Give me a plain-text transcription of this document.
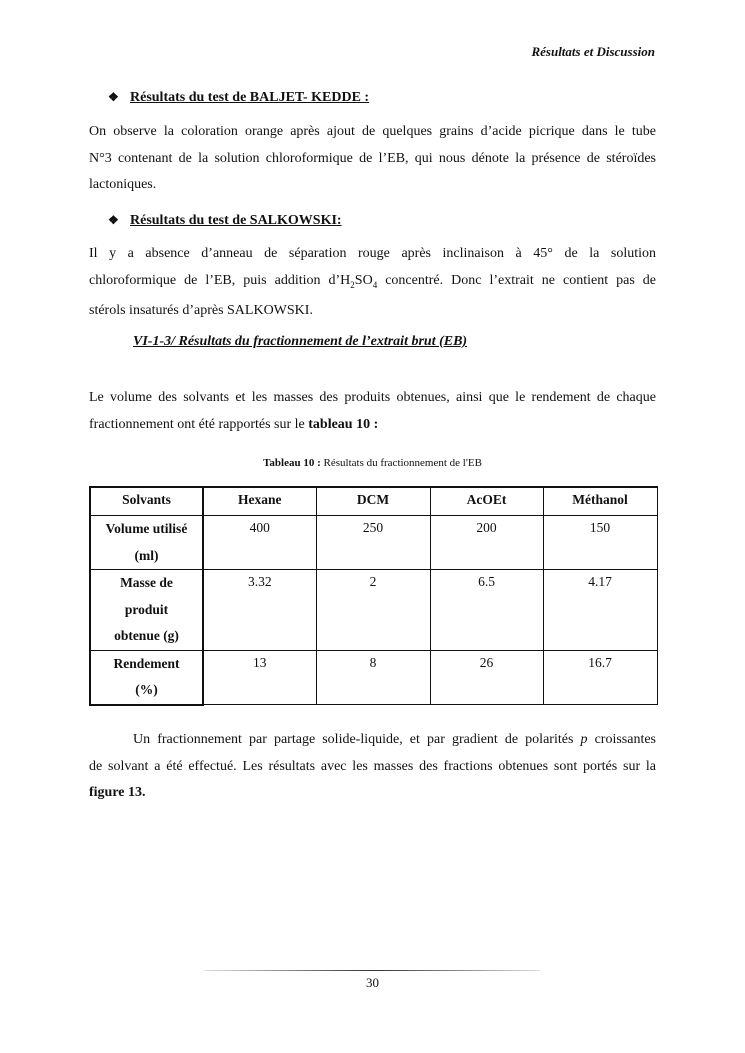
Résultats et Discussion
❖ Résultats du test de BALJET- KEDDE :
On observe la coloration orange après ajout de quelques grains d’acide picrique dans le tube
N°3 contenant de la solution chloroformique de l’EB, qui nous dénote la présence de stéroïdes
lactoniques.
❖ Résultats du test de SALKOWSKI:
Il y a absence d’anneau de séparation rouge après inclinaison à 45° de la solution
chloroformique de l’EB, puis addition $d’H_2SO_4$ concentré. Donc l’extrait ne contient pas de
stérols insaturés d’après SALKOWSKI.
VI-1-3/ Résultats du fractionnement de l’extrait brut (EB)
Le volume des solvants et les masses des produits obtenues, ainsi que le rendement de chaque
fractionnement ont été rapportés sur le tableau 10 :
Tableau 10 : Résultats du fractionnement de l'EB
Solvants	Hexane	DCM	AcOEt	Méthanol
Volume utilisé
(ml)	400	250	200	150
Masse de
produit
obtenue (g)	3.32	2	6.5	4.17
Rendement
(%)	13	8	26	16.7
Un fractionnement par partage solide-liquide, et par gradient de polarités p croissantes
de solvant a été effectué. Les résultats avec les masses des fractions obtenues sont portés sur la
figure 13.
30
